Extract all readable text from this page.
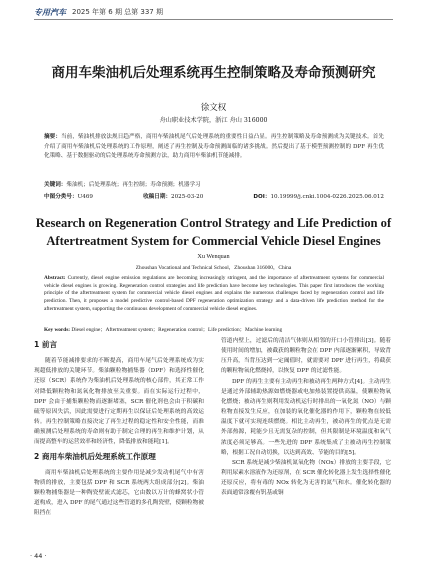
专用汽车 2025 年第 6 期 总第 337 期
商用车柴油机后处理系统再生控制策略及寿命预测研究
徐文权
舟山职业技术学院，浙江 舟山 316000
摘要：当前，柴油机排放法规日趋严格，商用车柴油机尾气后处理系统的重要性日益凸显。再生控制策略及寿命预测成为关键技术。首先介绍了商用车柴油机后处理系统的工作原理，阐述了再生控制及寿命预测面临的诸多挑战。然后提出了基于模型预测控制的 DPF 再生优化策略、基于数据驱动的后处理系统寿命预测方法，助力商用车柴油机节能减排。
关键词：柴油机；后处理系统；再生控制；寿命预测；机器学习
中图分类号：U469	收稿日期：2025-03-20	DOI：10.19999/j.cnki.1004-0226.2025.06.012
Research on Regeneration Control Strategy and Life Prediction of Aftertreatment System for Commercial Vehicle Diesel Engines
Xu Wenquan
Zhoushan Vocational and Technical School，Zhoushan 316000，China
Abstract: Currently, diesel engine emission regulations are becoming increasingly stringent, and the importance of aftertreatment systems for commercial vehicle diesel engines is growing. Regeneration control strategies and life prediction have become key technologies. This paper first introduces the working principle of the aftertreatment system for commercial vehicle diesel engines and explains the numerous challenges faced by regeneration control and life prediction. Then, it proposes a model predictive control-based DPF regeneration optimization strategy and a data-driven life prediction method for the aftertreatment system, supporting the continuous development of commercial vehicle diesel engines.
Key words: Diesel engine；Aftertreatment system；Regeneration control；Life prediction；Machine learning
1 前言

随着节能减排要求的不断提高，商用车尾气后处理系统成为实现超低排放的关键环节。柴油颗粒物捕集器（DPF）和选择性催化还原（SCR）系统作为柴油机后处理系统的核心部件，其正常工作对降低颗粒物和氮氧化物排放至关重要。而在实际运行过程中，DPF 会由于捕集颗粒物而逐渐堵塞，SCR 催化剂也会由于积碳和硫等原因失活，因此需要进行定期再生以保证后处理系统的高效运转。再生控制策略直接决定了再生过程的稳定性和安全性能，而准确预测后处理系统的寿命则有助于制定合理的再生和维护计划，从而提高整车的运营效率和经济性，降低排放和能耗[1]。

2 商用车柴油机后处理系统工作原理

商用车柴油机后处理系统的主要作用是减少发动机尾气中有害物质的排放，主要包括 DPF 和 SCR 系统两大组成部分[2]。柴油颗粒物捕集器是一种陶瓷壁流式滤芯，它由数以万计的蜂窝状小管道构成，进入 DPF 的尾气通过这些管道的多孔陶瓷壁，使颗粒物被阻挡在

管道内壁上，过滤后的清洁气体则从相邻的开口小管排出[3]。随着使用时间的增加，被截获的颗粒物会在 DPF 内部逐渐累积，导致背压升高，当背压达到一定阈值时，就需要对 DPF 进行再生，将截获的颗粒物氧化燃烧掉，以恢复 DPF 的过滤性能。

DPF 的再生主要有主动再生和被动再生两种方式[4]。主动再生是通过外部辅助热源如燃烧器或电加热装置提供高温，使颗粒物氧化燃烧；被动再生则利用发动机运行时排出的一氧化氮（NO）与颗粒物直接发生反应，在加装的氧化催化器的作用下，颗粒物在较低温度下就可实现连续燃烧。相比主动再生，被动再生的优点是无需外部热源，耗能少且无需复杂的控制，但其限制是环境温度和氧气浓度必须足够高。一些先进的 DPF 系统集成了主被动再生控制策略，根据工况自动切换，以达到高效、节能的目的[5]。

SCR 系统是减少柴油机氮氧化物（NOx）排放的主要手段，它利用尿素水溶液作为还原剂，在 SCR 催化转化器上发生选择性催化还原反应，将有毒的 NOx 转化为无害的氮气和水。催化转化器的表面通常涂覆有钒基或铜

· 44 ·
